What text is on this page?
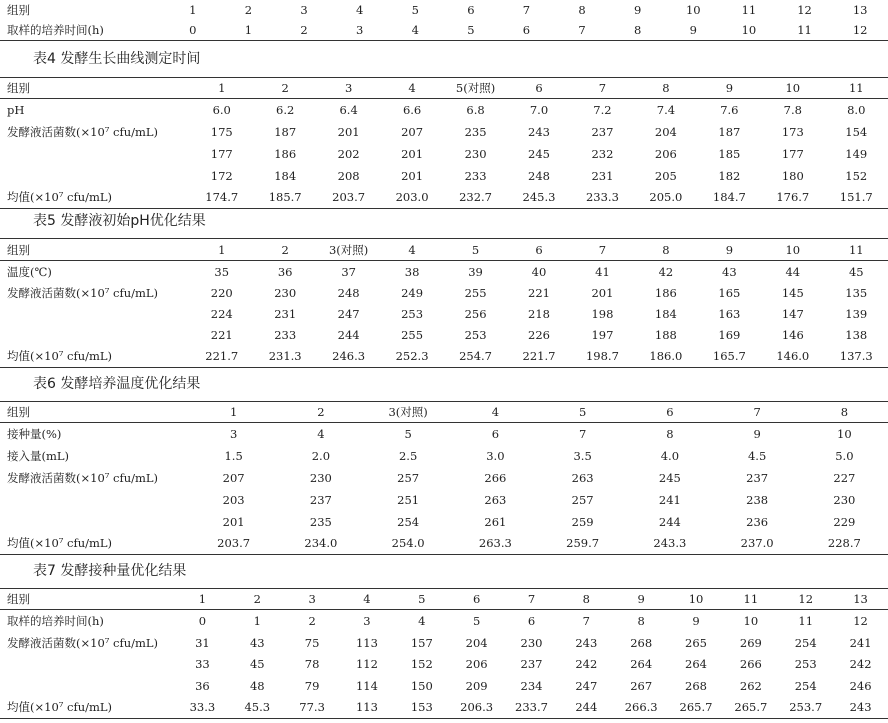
组别	1	2	3	4	5	6	7	8	9	10	11	12	13
取样的培养时间(h)	0	1	2	3	4	5	6	7	8	9	10	11	12
表4 发酵生长曲线测定时间
组别	1	2	3	4	5(对照)	6	7	8	9	10	11
pH	6.0	6.2	6.4	6.6	6.8	7.0	7.2	7.4	7.6	7.8	8.0
发酵液活菌数(×10⁷ cfu/mL)	175	187	201	207	235	243	237	204	187	173	154
	177	186	202	201	230	245	232	206	185	177	149
	172	184	208	201	233	248	231	205	182	180	152
均值(×10⁷ cfu/mL)	174.7	185.7	203.7	203.0	232.7	245.3	233.3	205.0	184.7	176.7	151.7
表5 发酵液初始pH优化结果
组别	1	2	3(对照)	4	5	6	7	8	9	10	11
温度(℃)	35	36	37	38	39	40	41	42	43	44	45
发酵液活菌数(×10⁷ cfu/mL)	220	230	248	249	255	221	201	186	165	145	135
	224	231	247	253	256	218	198	184	163	147	139
	221	233	244	255	253	226	197	188	169	146	138
均值(×10⁷ cfu/mL)	221.7	231.3	246.3	252.3	254.7	221.7	198.7	186.0	165.7	146.0	137.3
表6 发酵培养温度优化结果
组别	1	2	3(对照)	4	5	6	7	8
接种量(%)	3	4	5	6	7	8	9	10
接入量(mL)	1.5	2.0	2.5	3.0	3.5	4.0	4.5	5.0
发酵液活菌数(×10⁷ cfu/mL)	207	230	257	266	263	245	237	227
	203	237	251	263	257	241	238	230
	201	235	254	261	259	244	236	229
均值(×10⁷ cfu/mL)	203.7	234.0	254.0	263.3	259.7	243.3	237.0	228.7
表7 发酵接种量优化结果
组别	1	2	3	4	5	6	7	8	9	10	11	12	13
取样的培养时间(h)	0	1	2	3	4	5	6	7	8	9	10	11	12
发酵液活菌数(×10⁷ cfu/mL)	31	43	75	113	157	204	230	243	268	265	269	254	241
	33	45	78	112	152	206	237	242	264	264	266	253	242
	36	48	79	114	150	209	234	247	267	268	262	254	246
均值(×10⁷ cfu/mL)	33.3	45.3	77.3	113	153	206.3	233.7	244	266.3	265.7	265.7	253.7	243
